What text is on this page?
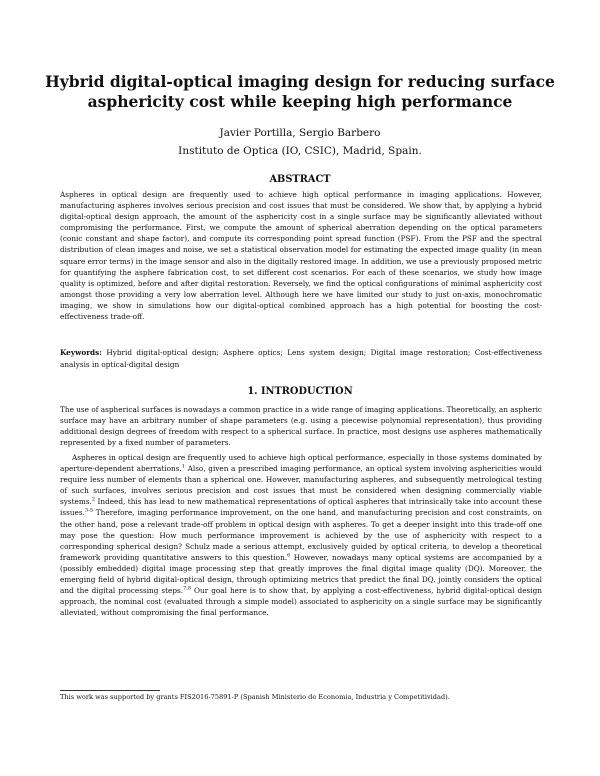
Hybrid digital-optical imaging design for reducing surface
asphericity cost while keeping high performance
Javier Portilla, Sergio Barbero
Instituto de Optica (IO, CSIC), Madrid, Spain.
ABSTRACT

Aspheres in optical design are frequently used to achieve high optical performance in imaging applications. However, manufacturing aspheres involves serious precision and cost issues that must be considered. We show that, by applying a hybrid digital-optical design approach, the amount of the asphericity cost in a single surface may be significantly alleviated without compromising the performance. First, we compute the amount of spherical aberration depending on the optical parameters (conic constant and shape factor), and compute its corresponding point spread function (PSF). From the PSF and the spectral distribution of clean images and noise, we set a statistical observation model for estimating the expected image quality (in mean square error terms) in the image sensor and also in the digitally restored image. In addition, we use a previously proposed metric for quantifying the asphere fabrication cost, to set different cost scenarios. For each of these scenarios, we study how image quality is optimized, before and after digital restoration. Reversely, we find the optical configurations of minimal asphericity cost amongst those providing a very low aberration level. Although here we have limited our study to just on-axis, monochromatic imaging, we show in simulations how our digital-optical combined approach has a high potential for boosting the cost-effectiveness trade-off.

Keywords: Hybrid digital-optical design; Asphere optics; Lens system design; Digital image restoration; Cost-effectiveness analysis in optical-digital design

1. INTRODUCTION

The use of aspherical surfaces is nowadays a common practice in a wide range of imaging applications. Theoretically, an aspheric surface may have an arbitrary number of shape parameters (e.g. using a piecewise polynomial representation), thus providing additional design degrees of freedom with respect to a spherical surface. In practice, most designs use aspheres mathematically represented by a fixed number of parameters.

Aspheres in optical design are frequently used to achieve high optical performance, especially in those systems dominated by aperture-dependent aberrations.$^1$ Also, given a prescribed imaging performance, an optical system involving asphericities would require less number of elements than a spherical one. However, manufacturing aspheres, and subsequently metrological testing of such surfaces, involves serious precision and cost issues that must be considered when designing commercially viable systems.$^2$ Indeed, this has lead to new mathematical representations of optical aspheres that intrinsically take into account these issues.$^{3-5}$ Therefore, imaging performance improvement, on the one hand, and manufacturing precision and cost constraints, on the other hand, pose a relevant trade-off problem in optical design with aspheres. To get a deeper insight into this trade-off one may pose the question: How much performance improvement is achieved by the use of asphericity with respect to a corresponding spherical design? Schulz made a serious attempt, exclusively guided by optical criteria, to develop a theoretical framework providing quantitative answers to this question.$^6$ However, nowadays many optical systems are accompanied by a (possibly embedded) digital image processing step that greatly improves the final digital image quality (DQ). Moreover, the emerging field of hybrid digital-optical design, through optimizing metrics that predict the final DQ, jointly considers the optical and the digital processing steps.$^{7,8}$ Our goal here is to show that, by applying a cost-effectiveness, hybrid digital-optical design approach, the nominal cost (evaluated through a simple model) associated to asphericity on a single surface may be significantly alleviated, without compromising the final performance.

This work was supported by grants FIS2016-75891-P (Spanish Ministerio de Economia, Industria y Competitividad).
